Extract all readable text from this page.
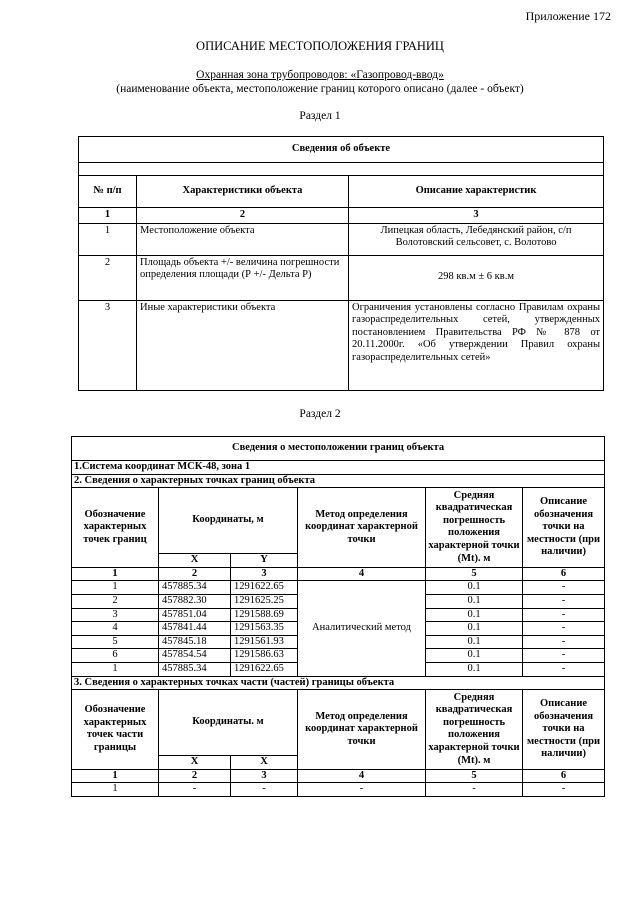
Приложение 172
ОПИСАНИЕ МЕСТОПОЛОЖЕНИЯ ГРАНИЦ
Охранная зона трубопроводов: «Газопровод-ввод»
(наименование объекта, местоположение границ которого описано (далее - объект)
Раздел 1
Сведения об объекте		

№ п/п	Характеристики объекта	Описание характеристик
1	2	3
1	Местоположение объекта	Липецкая область, Лебедянский район, с/п Волотовский сельсовет, с. Волотово
2	Площадь объекта +/- величина погрешности определения площади (Р +/- Дельта Р)	298 кв.м ± 6 кв.м
3	Иные характеристики объекта	Ограничения установлены согласно Правилам охраны газораспределительных сетей, утвержденных постановлением Правительства РФ № 878 от 20.11.2000г. «Об утверждении Правил охраны газораспределительных сетей»
Раздел 2
Сведения о местоположении границ объекта					
1.Система координат МСК-48, зона 1					
2. Сведения о характерных точках границ объекта					
Обозначение характерных точек границ	Координаты, м		Метод определения координат характерной точки	Средняя квадратическая погрешность положения характерной точки (Mt). м	Описание обозначения точки на местности (при наличии)
	X	Y			
1	2	3	4	5	6
1	457885.34	1291622.65	Аналитический метод	0.1	-
2	457882.30	1291625.25		0.1	-
3	457851.04	1291588.69		0.1	-
4	457841.44	1291563.35		0.1	-
5	457845.18	1291561.93		0.1	-
6	457854.54	1291586.63		0.1	-
1	457885.34	1291622.65		0.1	-
3. Сведения о характерных точках части (частей) границы объекта					
Обозначение характерных точек части границы	Координаты. м		Метод определения координат характерной точки	Средняя квадратическая погрешность положения характерной точки (Mt). м	Описание обозначения точки на местности (при наличии)
	X	X			
1	2	3	4	5	6
1	-	-	-	-	-
